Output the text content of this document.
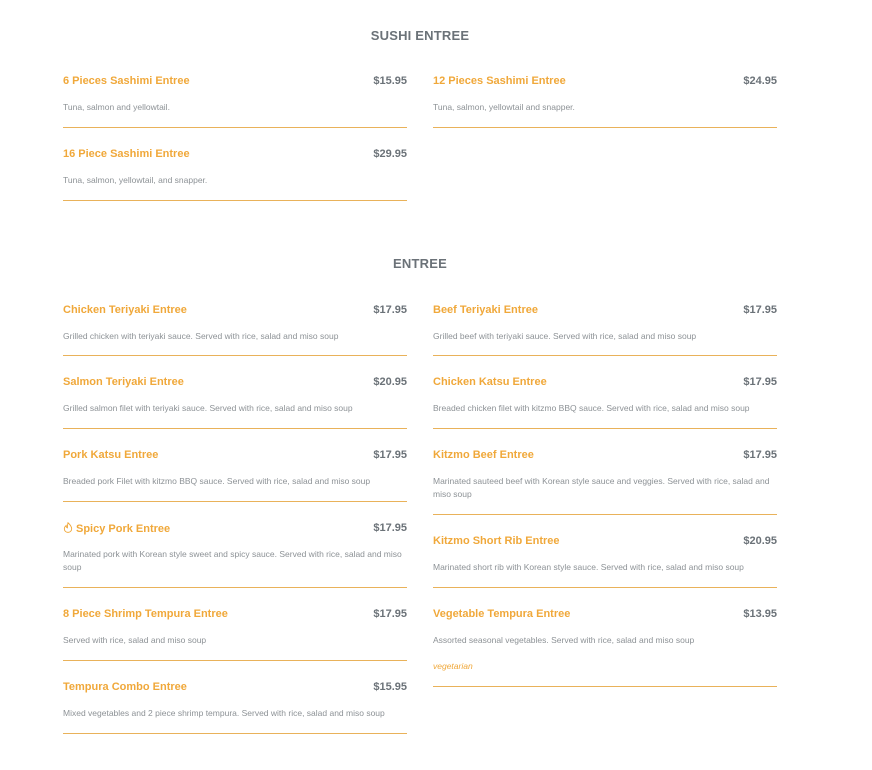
SUSHI ENTREE
6 Pieces Sashimi Entree	$15.95
Tuna, salmon and yellowtail.
12 Pieces Sashimi Entree	$24.95
Tuna, salmon, yellowtail and snapper.
16 Piece Sashimi Entree	$29.95
Tuna, salmon, yellowtail, and snapper.
ENTREE
Chicken Teriyaki Entree	$17.95
Grilled chicken with teriyaki sauce. Served with rice, salad and miso soup
Beef Teriyaki Entree	$17.95
Grilled beef with teriyaki sauce. Served with rice, salad and miso soup
Salmon Teriyaki Entree	$20.95
Grilled salmon filet with teriyaki sauce. Served with rice, salad and miso soup
Chicken Katsu Entree	$17.95
Breaded chicken filet with kitzmo BBQ sauce. Served with rice, salad and miso soup
Pork Katsu Entree	$17.95
Breaded pork Filet with kitzmo BBQ sauce. Served with rice, salad and miso soup
Kitzmo Beef Entree	$17.95
Marinated sauteed beef with Korean style sauce and veggies. Served with rice, salad and miso soup
Spicy Pork Entree	$17.95
Marinated pork with Korean style sweet and spicy sauce. Served with rice, salad and miso soup
Kitzmo Short Rib Entree	$20.95
Marinated short rib with Korean style sauce. Served with rice, salad and miso soup
8 Piece Shrimp Tempura Entree	$17.95
Served with rice, salad and miso soup
Vegetable Tempura Entree	$13.95
Assorted seasonal vegetables. Served with rice, salad and miso soup
vegetarian
Tempura Combo Entree	$15.95
Mixed vegetables and 2 piece shrimp tempura. Served with rice, salad and miso soup
